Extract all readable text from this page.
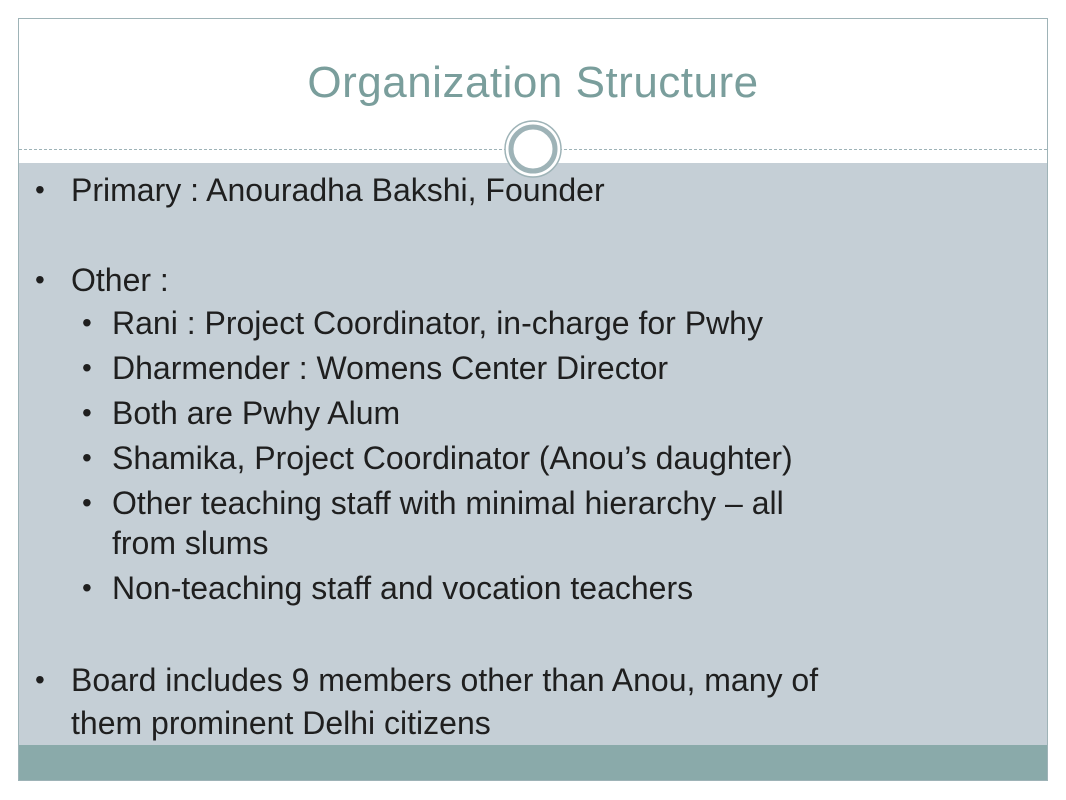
Organization Structure
• Primary : Anouradha Bakshi, Founder
• Other :
• Rani : Project Coordinator, in-charge for Pwhy
• Dharmender : Womens Center Director
• Both are Pwhy Alum
• Shamika, Project Coordinator (Anou’s daughter)
• Other teaching staff with minimal hierarchy – all
from slums
• Non-teaching staff and vocation teachers
• Board includes 9 members other than Anou, many of
them prominent Delhi citizens
